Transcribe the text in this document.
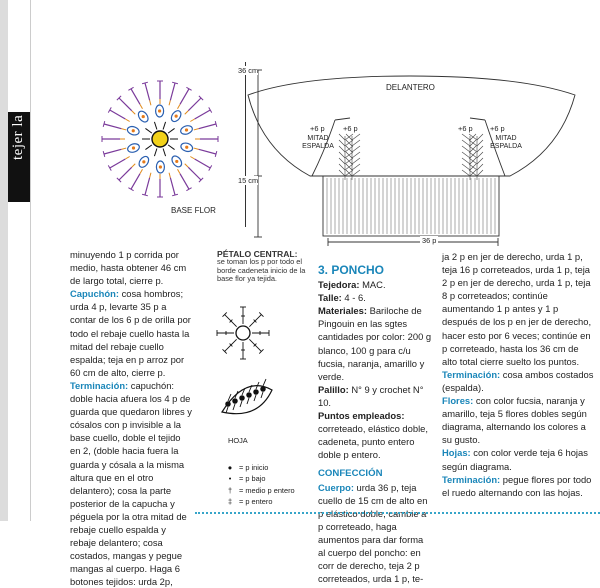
tejer la moda
BASE FLOR
DELANTERO
MITAD
ESPALDA
MITAD
ESPALDA
+6 p +6 p	+6 p +6 p
36 cm
15 cm
36 p
PÉTALO CENTRAL:
se toman los p por todo el borde cadeneta inicio de la base flor ya tejida.
HOJA
● = p inicio
•	= p bajo
† = medio p entero
‡ = p entero

minuyendo 1 p corrida por medio, hasta obtener 46 cm de largo total, cierre p.

Capuchón: cosa hombros; urda 4 p, levarte 35 p a contar de los 6 p de orilla por todo el rebaje cuello hasta la mitad del rebaje cuello espalda; teja en p arroz por 60 cm de alto, cierre p.

Terminación: capuchón: doble hacia afuera los 4 p de guarda que quedaron libres y cósalos con p invisible a la base cuello, doble el tejido en 2, (doble hacia fuera la guarda y cósala a la misma altura que en el otro delantero); cosa la parte posterior de la capucha y péguela por la otra mitad de rebaje cuello espalda y rebaje delantero; cosa costados, mangas y pegue mangas al cuerpo. Haga 6 botones tejidos: urda 2p,

3. PONCHO

Tejedora: MAC.

Talle: 4 - 6.

Materiales: Bariloche de Pingouin en las sgtes cantidades por color: 200 g blanco, 100 g para c/u fucsia, naranja, amarillo y verde.

Palillo: N° 9 y crochet N° 10.

Puntos empleados: correteado, elástico doble, cadeneta, punto entero doble p entero.

CONFECCIÓN

Cuerpo: urda 36 p, teja cuello de 15 cm de alto en p elástico doble, cambie a p correteado, haga aumentos para dar forma al cuerpo del poncho: en corr de derecho, teja 2 p correteados, urda 1 p, te-

ja 2 p en jer de derecho, urda 1 p, teja 16 p correteados, urda 1 p, teja 2 p en jer de derecho, urda 1 p, teja 8 p correteados; continúe aumentando 1 p antes y 1 p después de los p en jer de derecho, hacer esto por 6 veces; continúe en p correteado, hasta los 36 cm de alto total cierre suelto los puntos.

Terminación: cosa ambos costados (espalda).

Flores: con color fucsia, naranja y amarillo, teja 5 flores dobles según diagrama, alternando los colores a su gusto.

Hojas: con color verde teja 6 hojas según diagrama.

Terminación: pegue flores por todo el ruedo alternando con las hojas.
